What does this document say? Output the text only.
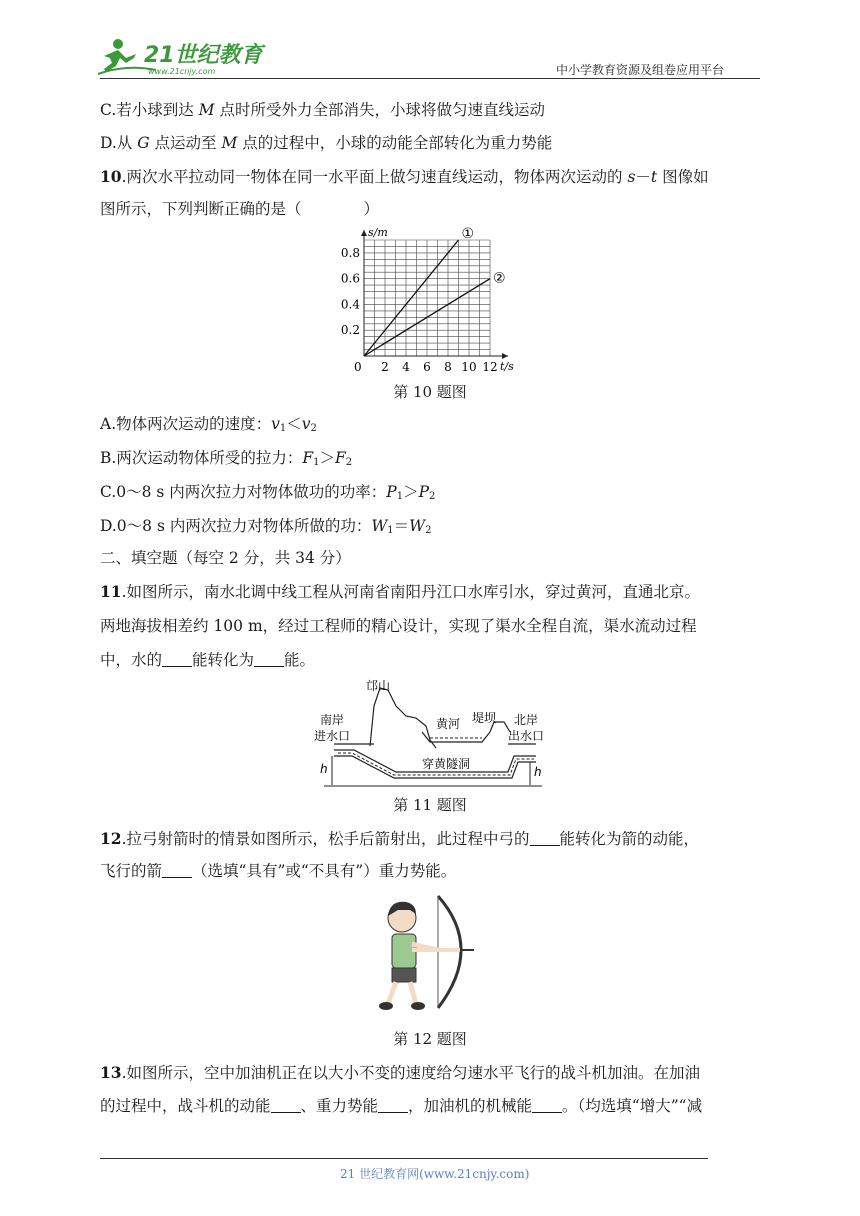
21世纪教育
www.21cnjy.com	中小学教育资源及组卷应用平台
C.若小球到达 M 点时所受外力全部消失，小球将做匀速直线运动
D.从 G 点运动至 M 点的过程中，小球的动能全部转化为重力势能
10.两次水平拉动同一物体在同一水平面上做匀速直线运动，物体两次运动的 s－t 图像如
图所示，下列判断正确的是（　　　　）
2 4 6 8 10 12
0.2
0.4
0.6
0.8
0
s/m
t/s
①
②
第 10 题图
A.物体两次运动的速度：$v_1<v_2$
B.两次运动物体所受的拉力：$F_1>F_2$
C.0～8 s 内两次拉力对物体做功的功率：$P_1>P_2$
D.0～8 s 内两次拉力对物体所做的功：$W_1=W_2$
二、填空题（每空 2 分，共 34 分）
11.如图所示，南水北调中线工程从河南省南阳丹江口水库引水，穿过黄河，直通北京。
两地海拔相差约 100 m，经过工程师的精心设计，实现了渠水全程自流，渠水流动过程
中，水的 能转化为 能。
h	h
邙山
南岸
进水口
黄河 堤坝 北岸
出水口
穿黄隧洞
第 11 题图
12.拉弓射箭时的情景如图所示，松手后箭射出，此过程中弓的 能转化为箭的动能，
飞行的箭 （选填“具有”或“不具有”）重力势能。
第 12 题图
13.如图所示，空中加油机正在以大小不变的速度给匀速水平飞行的战斗机加油。在加油
的过程中，战斗机的动能 、重力势能 ，加油机的机械能 。（均选填“增大”“减
21 世纪教育网(www.21cnjy.com)
